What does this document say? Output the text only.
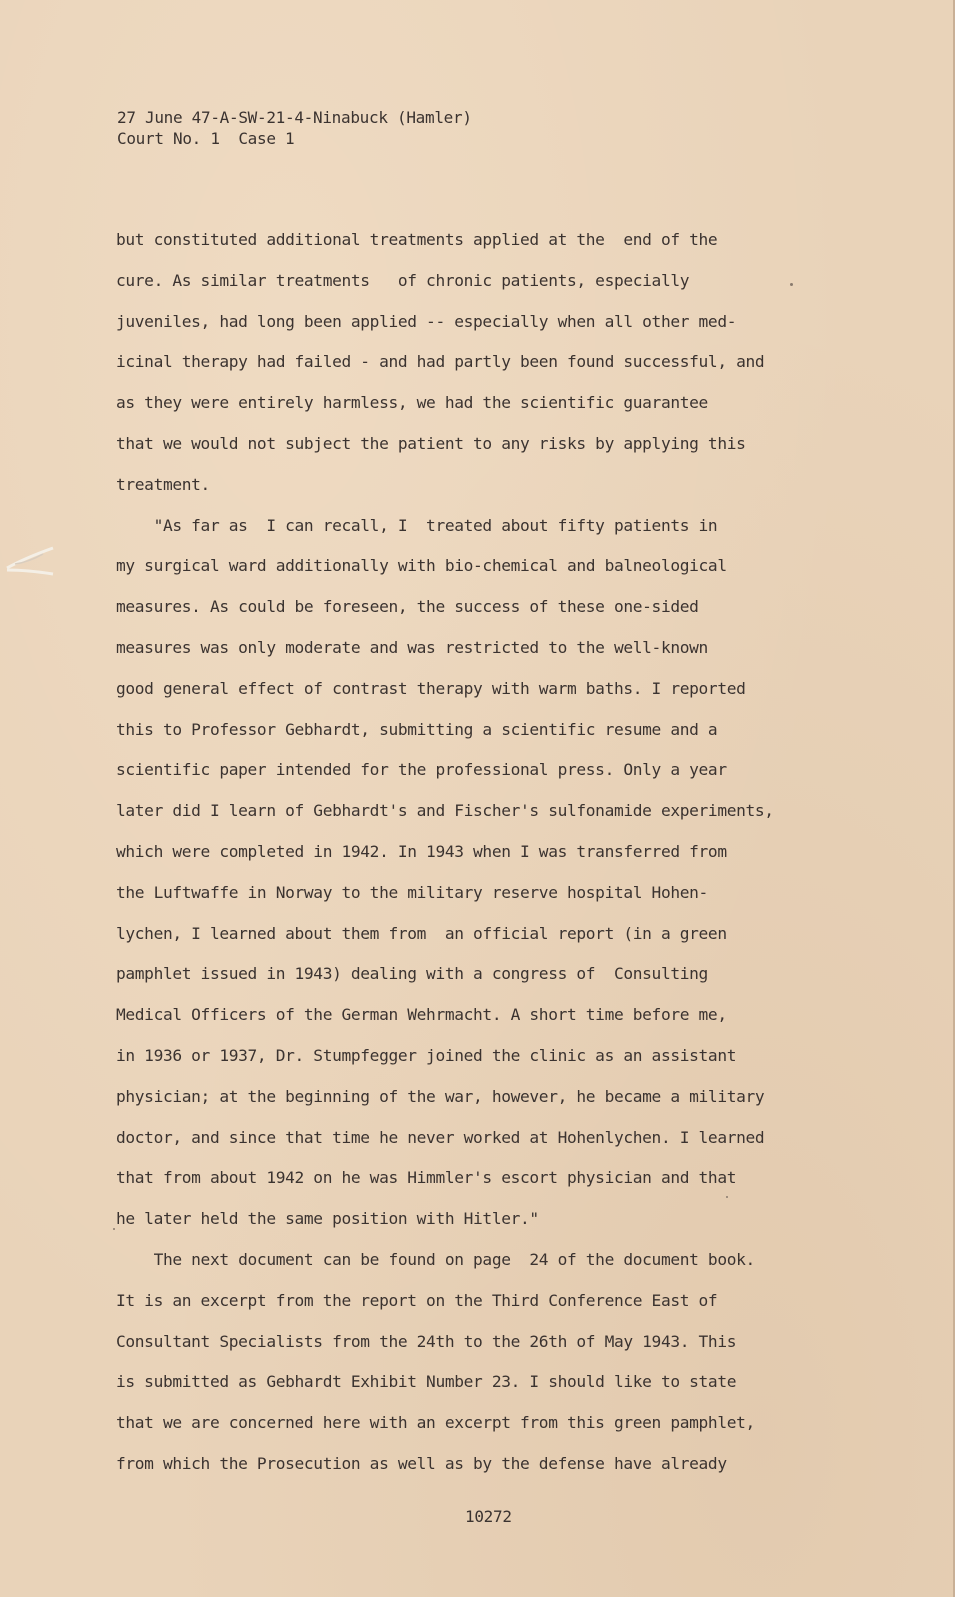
27 June 47-A-SW-21-4-Ninabuck (Hamler)
Court No. 1  Case 1
but constituted additional treatments applied at the  end of the
cure. As similar treatments   of chronic patients, especially
juveniles, had long been applied -- especially when all other med-
icinal therapy had failed - and had partly been found successful, and
as they were entirely harmless, we had the scientific guarantee
that we would not subject the patient to any risks by applying this
treatment.
"As far as  I can recall, I  treated about fifty patients in
my surgical ward additionally with bio-chemical and balneological
measures. As could be foreseen, the success of these one-sided
measures was only moderate and was restricted to the well-known
good general effect of contrast therapy with warm baths. I reported
this to Professor Gebhardt, submitting a scientific resume and a
scientific paper intended for the professional press. Only a year
later did I learn of Gebhardt's and Fischer's sulfonamide experiments,
which were completed in 1942. In 1943 when I was transferred from
the Luftwaffe in Norway to the military reserve hospital Hohen-
lychen, I learned about them from  an official report (in a green
pamphlet issued in 1943) dealing with a congress of  Consulting
Medical Officers of the German Wehrmacht. A short time before me,
in 1936 or 1937, Dr. Stumpfegger joined the clinic as an assistant
physician; at the beginning of the war, however, he became a military
doctor, and since that time he never worked at Hohenlychen. I learned
that from about 1942 on he was Himmler's escort physician and that
he later held the same position with Hitler."
The next document can be found on page  24 of the document book.
It is an excerpt from the report on the Third Conference East of
Consultant Specialists from the 24th to the 26th of May 1943. This
is submitted as Gebhardt Exhibit Number 23. I should like to state
that we are concerned here with an excerpt from this green pamphlet,
from which the Prosecution as well as by the defense have already
10272
